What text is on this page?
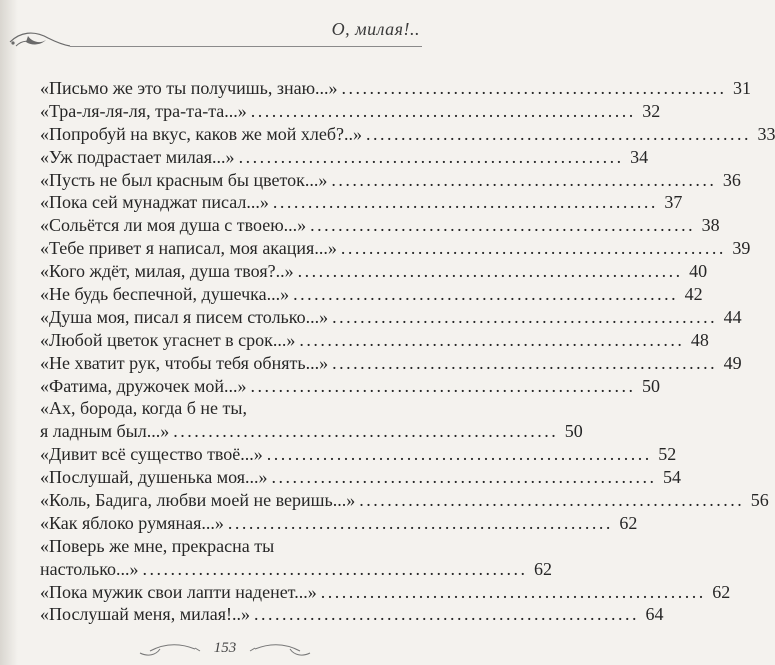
О, милая!..
«Письмо же это ты получишь, знаю...» . . .	31
«Тра-ля-ля-ля, тра-та-та...» . . .	32
«Попробуй на вкус, каков же мой хлеб?..» . . .	33
«Уж подрастает милая...» . . .	34
«Пусть не был красным бы цветок...» . . .	36
«Пока сей мунаджат писал...» . . .	37
«Сольётся ли моя душа с твоею...» . . .	38
«Тебе привет я написал, моя акация...» . . .	39
«Кого ждёт, милая, душа твоя?..» . . .	40
«Не будь беспечной, душечка...» . . .	42
«Душа моя, писал я писем столько...» . . .	44
«Любой цветок угаснет в срок...» . . .	48
«Не хватит рук, чтобы тебя обнять...» . . .	49
«Фатима, дружочек мой...» . . .	50
«Ах, борода, когда б не ты,
я ладным был...» . . .	50
«Дивит всё существо твоё...» . . .	52
«Послушай, душенька моя...» . . .	54
«Коль, Бадига, любви моей не веришь...» . . .	56
«Как яблоко румяная...» . . .	62
«Поверь же мне, прекрасна ты
настолько...» . . .	62
«Пока мужик свои лапти наденет...» . . .	62
«Послушай меня, милая!..» . . .	64
153
